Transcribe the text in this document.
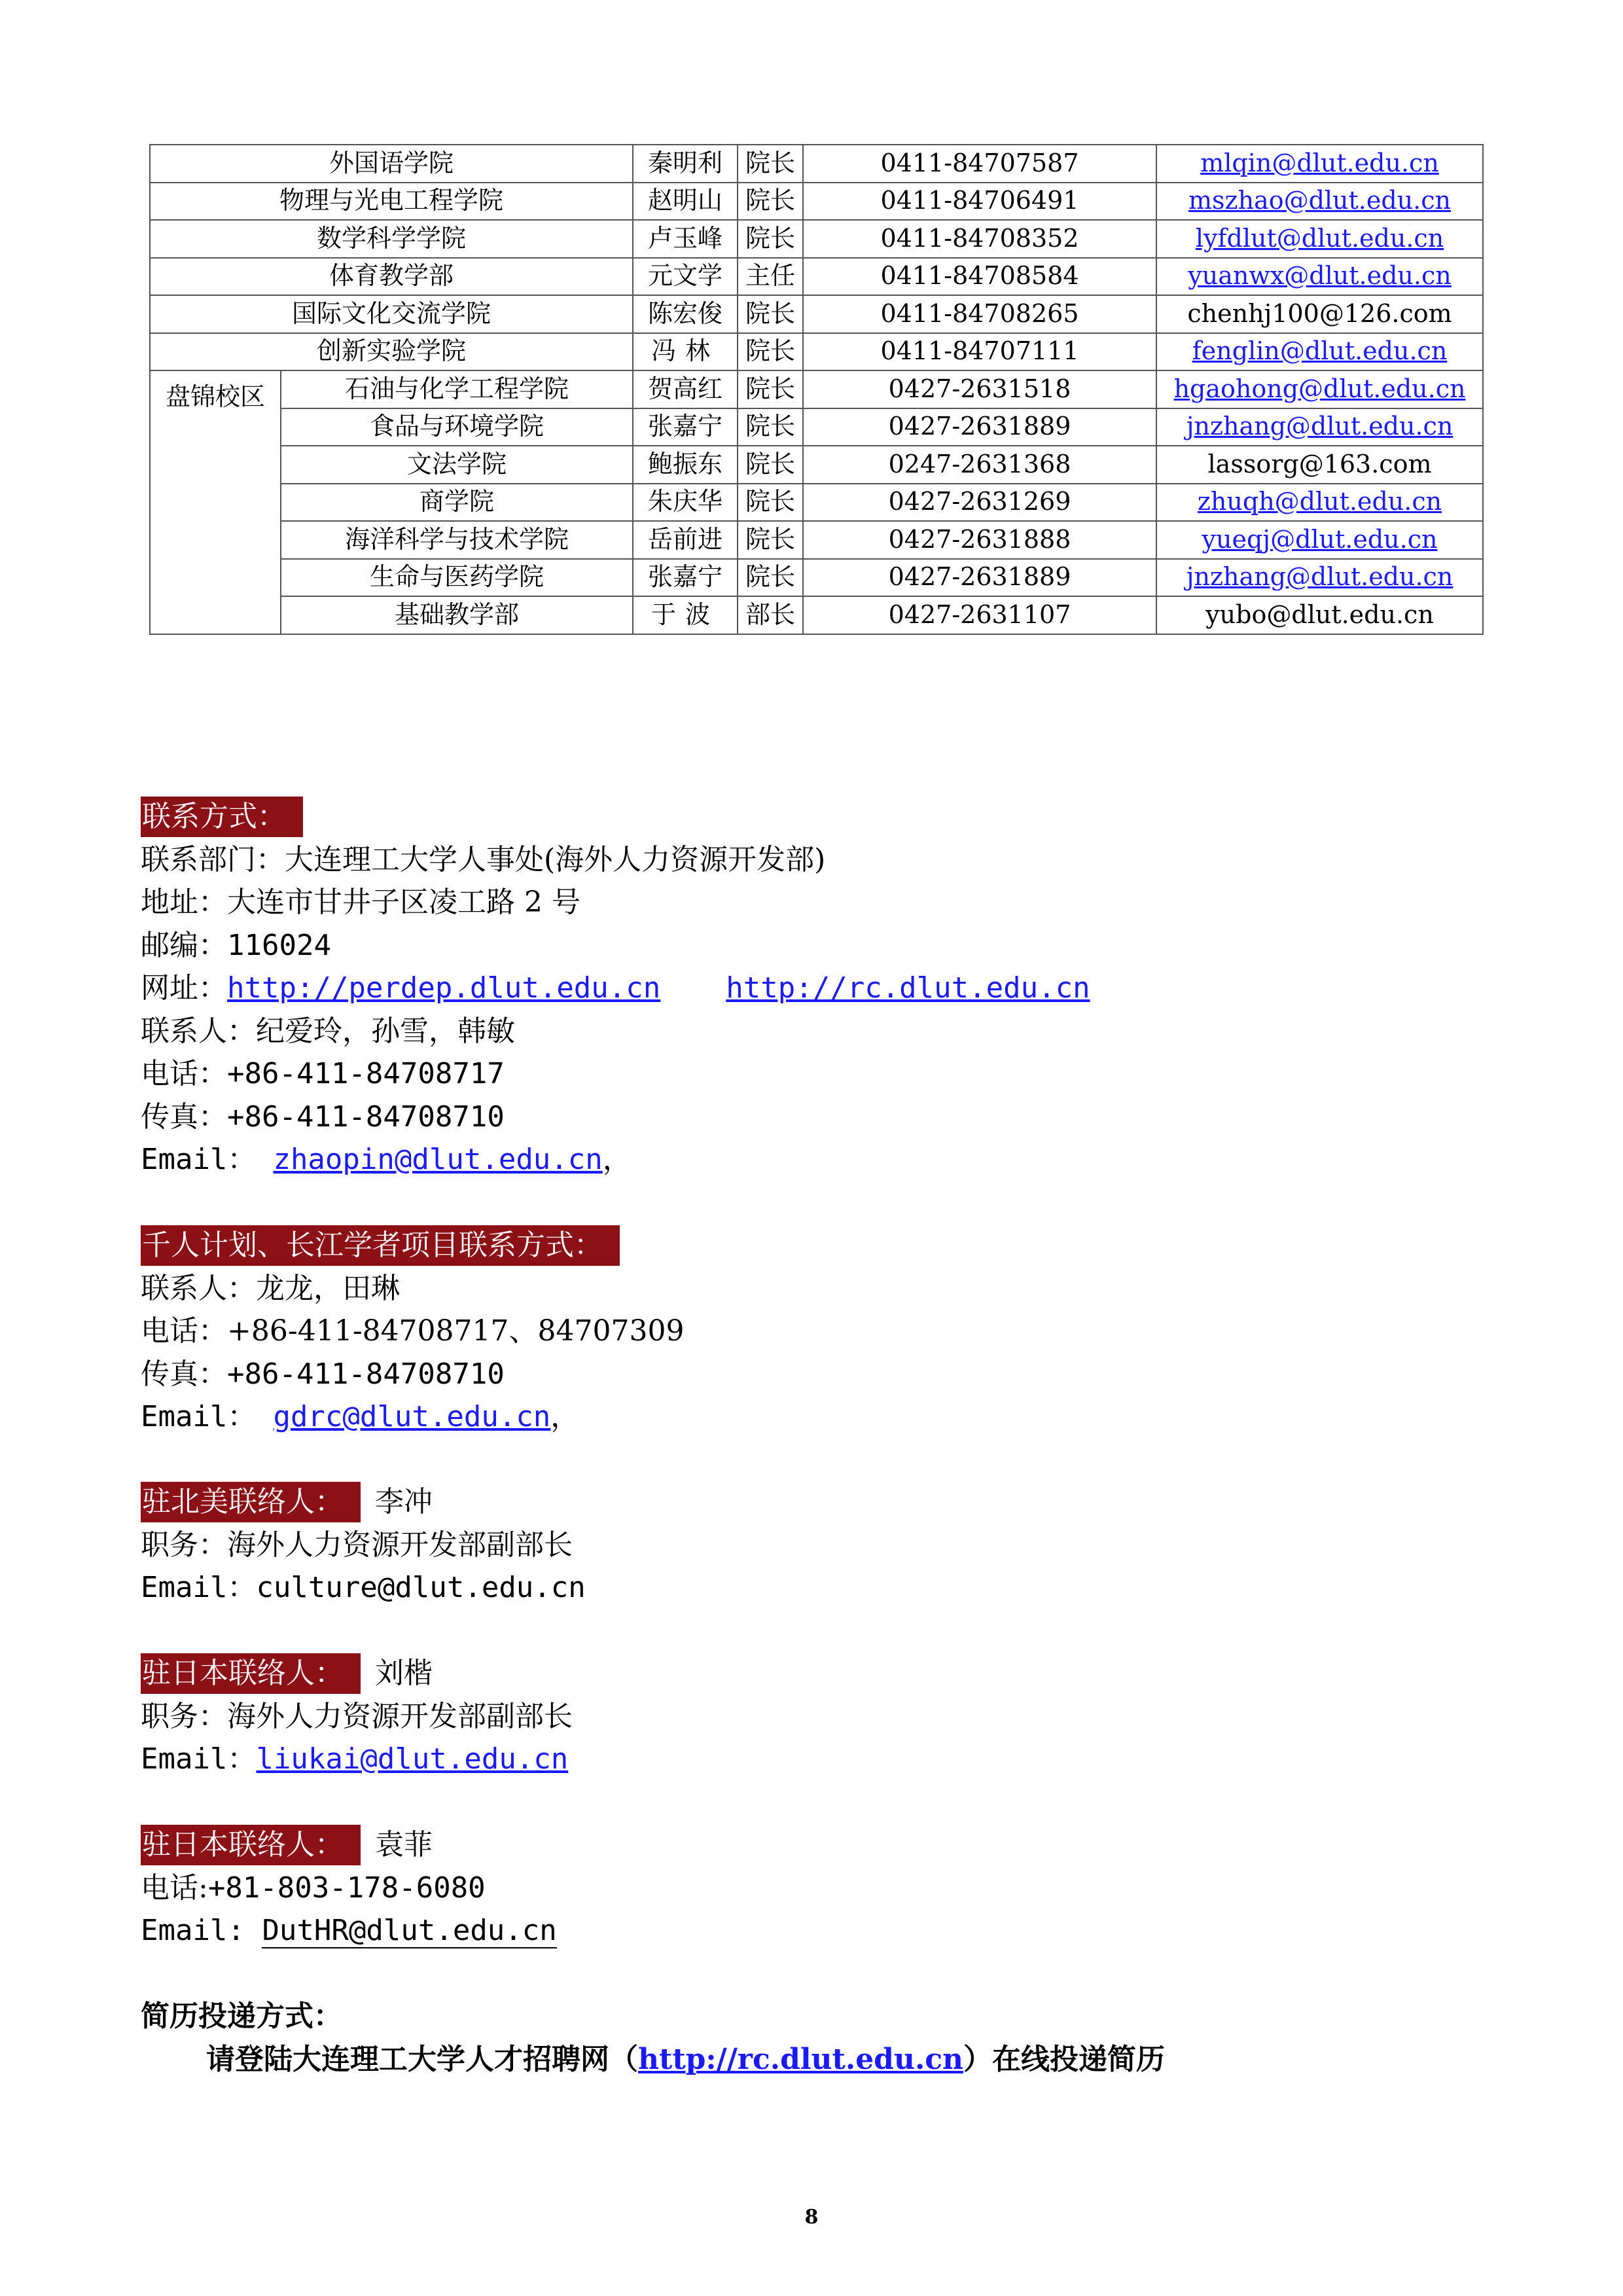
外国语学院		秦明利	院长	0411-84707587	mlqin@dlut.edu.cn
物理与光电工程学院		赵明山	院长	0411-84706491	mszhao@dlut.edu.cn
数学科学学院		卢玉峰	院长	0411-84708352	lyfdlut@dlut.edu.cn
体育教学部		元文学	主任	0411-84708584	yuanwx@dlut.edu.cn
国际文化交流学院		陈宏俊	院长	0411-84708265	chenhj100@126.com
创新实验学院		冯林	院长	0411-84707111	fenglin@dlut.edu.cn
盘锦校区	石油与化学工程学院	贺高红	院长	0427-2631518	hgaohong@dlut.edu.cn
	食品与环境学院	张嘉宁	院长	0427-2631889	jnzhang@dlut.edu.cn
	文法学院	鲍振东	院长	0247-2631368	lassorg@163.com
	商学院	朱庆华	院长	0427-2631269	zhuqh@dlut.edu.cn
	海洋科学与技术学院	岳前进	院长	0427-2631888	yueqj@dlut.edu.cn
	生命与医药学院	张嘉宁	院长	0427-2631889	jnzhang@dlut.edu.cn
	基础教学部	于波	部长	0427-2631107	yubo@dlut.edu.cn
联系方式：
联系部门：大连理工大学人事处(海外人力资源开发部)
地址：大连市甘井子区凌工路 2 号
邮编：116024
网址：http://perdep.dlut.edu.cn http://rc.dlut.edu.cn
联系人：纪爱玲，孙雪，韩敏
电话：+86-411-84708717
传真：+86-411-84708710
Email： zhaopin@dlut.edu.cn，
千人计划、长江学者项目联系方式：
联系人：龙龙，田琳
电话：+86-411-84708717、84707309
传真：+86-411-84708710
Email： gdrc@dlut.edu.cn，
驻北美联络人： 李冲
职务：海外人力资源开发部副部长
Email：culture@dlut.edu.cn
驻日本联络人： 刘楷
职务：海外人力资源开发部副部长
Email：liukai@dlut.edu.cn
驻日本联络人： 袁菲
电话:+81-803-178-6080
Email: DutHR@dlut.edu.cn
简历投递方式：
请登陆大连理工大学人才招聘网（http://rc.dlut.edu.cn）在线投递简历
8
